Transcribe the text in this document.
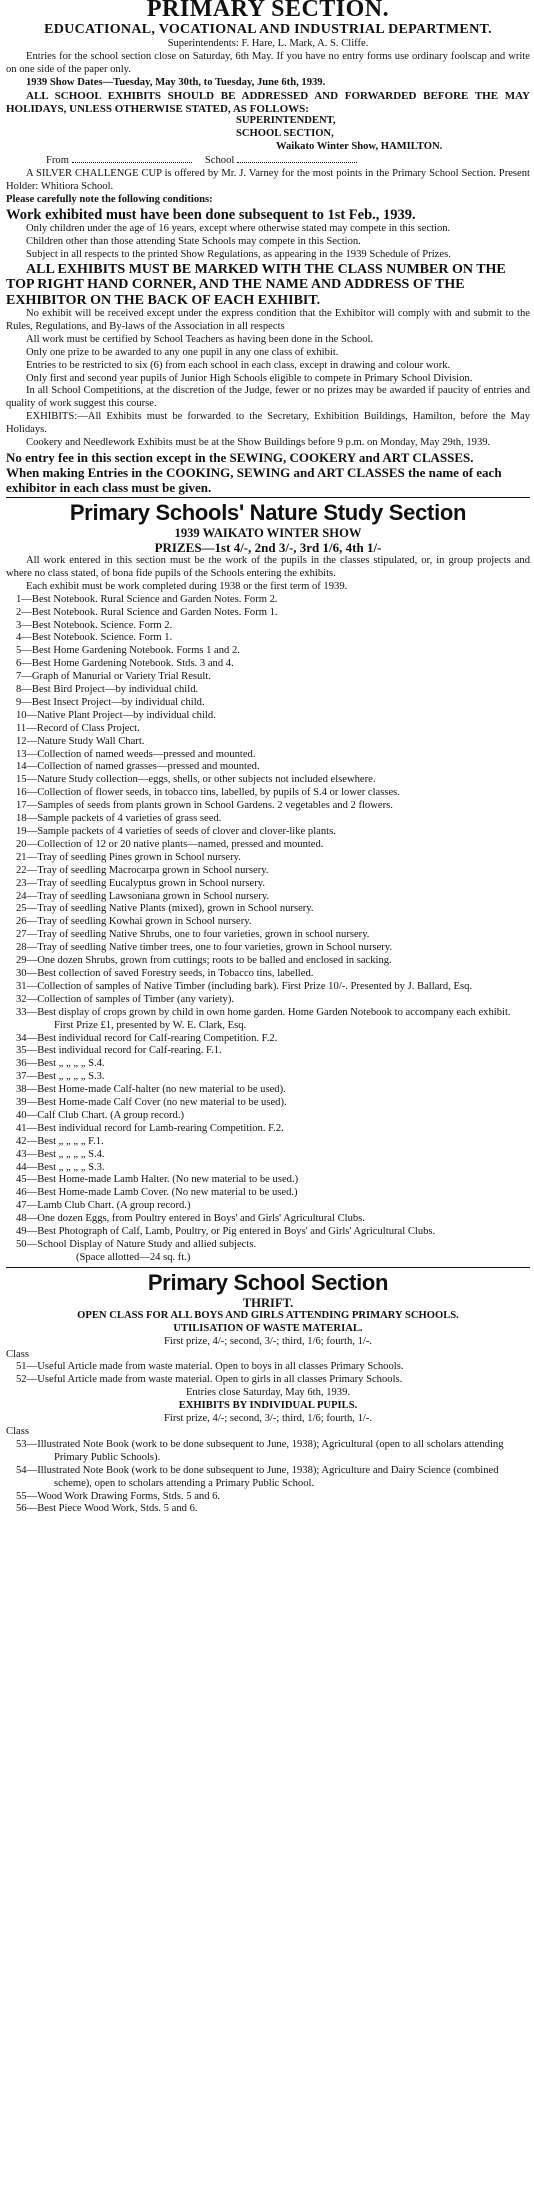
PRIMARY SECTION.
EDUCATIONAL, VOCATIONAL AND INDUSTRIAL DEPARTMENT.
Superintendents: F. Hare, L. Mark, A. S. Cliffe.
Entries for the school section close on Saturday, 6th May. If you have no entry forms use ordinary foolscap and write on one side of the paper only.
1939 Show Dates—Tuesday, May 30th, to Tuesday, June 6th, 1939.
ALL SCHOOL EXHIBITS SHOULD BE ADDRESSED AND FORWARDED BEFORE THE MAY HOLIDAYS, UNLESS OTHERWISE STATED, AS FOLLOWS:
SUPERINTENDENT,
SCHOOL SECTION,
Waikato Winter Show, HAMILTON.
From	School
A SILVER CHALLENGE CUP is offered by Mr. J. Varney for the most points in the Primary School Section. Present Holder: Whitiora School.
Please carefully note the following conditions:
Work exhibited must have been done subsequent to 1st Feb., 1939.
Only children under the age of 16 years, except where otherwise stated may compete in this section.
Children other than those attending State Schools may compete in this Section.
Subject in all respects to the printed Show Regulations, as appearing in the 1939 Schedule of Prizes.
ALL EXHIBITS MUST BE MARKED WITH THE CLASS NUMBER ON THE TOP RIGHT HAND CORNER, AND THE NAME AND ADDRESS OF THE EXHIBITOR ON THE BACK OF EACH EXHIBIT.
No exhibit will be received except under the express condition that the Exhibitor will comply with and submit to the Rules, Regulations, and By-laws of the Association in all respects
All work must be certified by School Teachers as having been done in the School.
Only one prize to be awarded to any one pupil in any one class of exhibit.
Entries to be restricted to six (6) from each school in each class, except in drawing and colour work.
Only first and second year pupils of Junior High Schools eligible to compete in Primary School Division.
In all School Competitions, at the discretion of the Judge, fewer or no prizes may be awarded if paucity of entries and quality of work suggest this course.
EXHIBITS:—All Exhibits must be forwarded to the Secretary, Exhibition Buildings, Hamilton, before the May Holidays.
Cookery and Needlework Exhibits must be at the Show Buildings before 9 p.m. on Monday, May 29th, 1939.
No entry fee in this section except in the SEWING, COOKERY and ART CLASSES.
When making Entries in the COOKING, SEWING and ART CLASSES the name of each exhibitor in each class must be given.
Primary Schools' Nature Study Section
1939 WAIKATO WINTER SHOW
PRIZES—1st 4/-, 2nd 3/-, 3rd 1/6, 4th 1/-
All work entered in this section must be the work of the pupils in the classes stipulated, or, in group projects and where no class stated, of bona fide pupils of the Schools entering the exhibits.
Each exhibit must be work completed during 1938 or the first term of 1939.
1—Best Notebook. Rural Science and Garden Notes. Form 2.
2—Best Notebook. Rural Science and Garden Notes. Form 1.
3—Best Notebook. Science. Form 2.
4—Best Notebook. Science. Form 1.
5—Best Home Gardening Notebook. Forms 1 and 2.
6—Best Home Gardening Notebook. Stds. 3 and 4.
7—Graph of Manurial or Variety Trial Result.
8—Best Bird Project—by individual child.
9—Best Insect Project—by individual child.
10—Native Plant Project—by individual child.
11—Record of Class Project.
12—Nature Study Wall Chart.
13—Collection of named weeds—pressed and mounted.
14—Collection of named grasses—pressed and mounted.
15—Nature Study collection—eggs, shells, or other subjects not included elsewhere.
16—Collection of flower seeds, in tobacco tins, labelled, by pupils of S.4 or lower classes.
17—Samples of seeds from plants grown in School Gardens. 2 vegetables and 2 flowers.
18—Sample packets of 4 varieties of grass seed.
19—Sample packets of 4 varieties of seeds of clover and clover-like plants.
20—Collection of 12 or 20 native plants—named, pressed and mounted.
21—Tray of seedling Pines grown in School nursery.
22—Tray of seedling Macrocarpa grown in School nursery.
23—Tray of seedling Eucalyptus grown in School nursery.
24—Tray of seedling Lawsoniana grown in School nursery.
25—Tray of seedling Native Plants (mixed), grown in School nursery.
26—Tray of seedling Kowhai grown in School nursery.
27—Tray of seedling Native Shrubs, one to four varieties, grown in school nursery.
28—Tray of seedling Native timber trees, one to four varieties, grown in School nursery.
29—One dozen Shrubs, grown from cuttings; roots to be balled and enclosed in sacking.
30—Best collection of saved Forestry seeds, in Tobacco tins, labelled.
31—Collection of samples of Native Timber (including bark). First Prize 10/-. Presented by J. Ballard, Esq.
32—Collection of samples of Timber (any variety).
33—Best display of crops grown by child in own home garden. Home Garden Notebook to accompany each exhibit. First Prize £1, presented by W. E. Clark, Esq.
34—Best individual record for Calf-rearing Competition. F.2.
35—Best individual record for Calf-rearing. F.1.
36—Best „ „ „ „ S.4.
37—Best „ „ „ „ S.3.
38—Best Home-made Calf-halter (no new material to be used).
39—Best Home-made Calf Cover (no new material to be used).
40—Calf Club Chart. (A group record.)
41—Best individual record for Lamb-rearing Competition. F.2.
42—Best „ „ „ „ F.1.
43—Best „ „ „ „ S.4.
44—Best „ „ „ „ S.3.
45—Best Home-made Lamb Halter. (No new material to be used.)
46—Best Home-made Lamb Cover. (No new material to be used.)
47—Lamb Club Chart. (A group record.)
48—One dozen Eggs, from Poultry entered in Boys' and Girls' Agricultural Clubs.
49—Best Photograph of Calf, Lamb, Poultry, or Pig entered in Boys' and Girls' Agricultural Clubs.
50—School Display of Nature Study and allied subjects.
(Space allotted—24 sq. ft.)
Primary School Section
THRIFT.
OPEN CLASS FOR ALL BOYS AND GIRLS ATTENDING PRIMARY SCHOOLS.
UTILISATION OF WASTE MATERIAL.
First prize, 4/-; second, 3/-; third, 1/6; fourth, 1/-.
Class
51—Useful Article made from waste material. Open to boys in all classes Primary Schools.
52—Useful Article made from waste material. Open to girls in all classes Primary Schools.
Entries close Saturday, May 6th, 1939.
EXHIBITS BY INDIVIDUAL PUPILS.
First prize, 4/-; second, 3/-; third, 1/6; fourth, 1/-.
Class
53—Illustrated Note Book (work to be done subsequent to June, 1938); Agricultural (open to all scholars attending Primary Public Schools).
54—Illustrated Note Book (work to be done subsequent to June, 1938); Agriculture and Dairy Science (combined scheme), open to scholars attending a Primary Public School.
55—Wood Work Drawing Forms, Stds. 5 and 6.
56—Best Piece Wood Work, Stds. 5 and 6.
